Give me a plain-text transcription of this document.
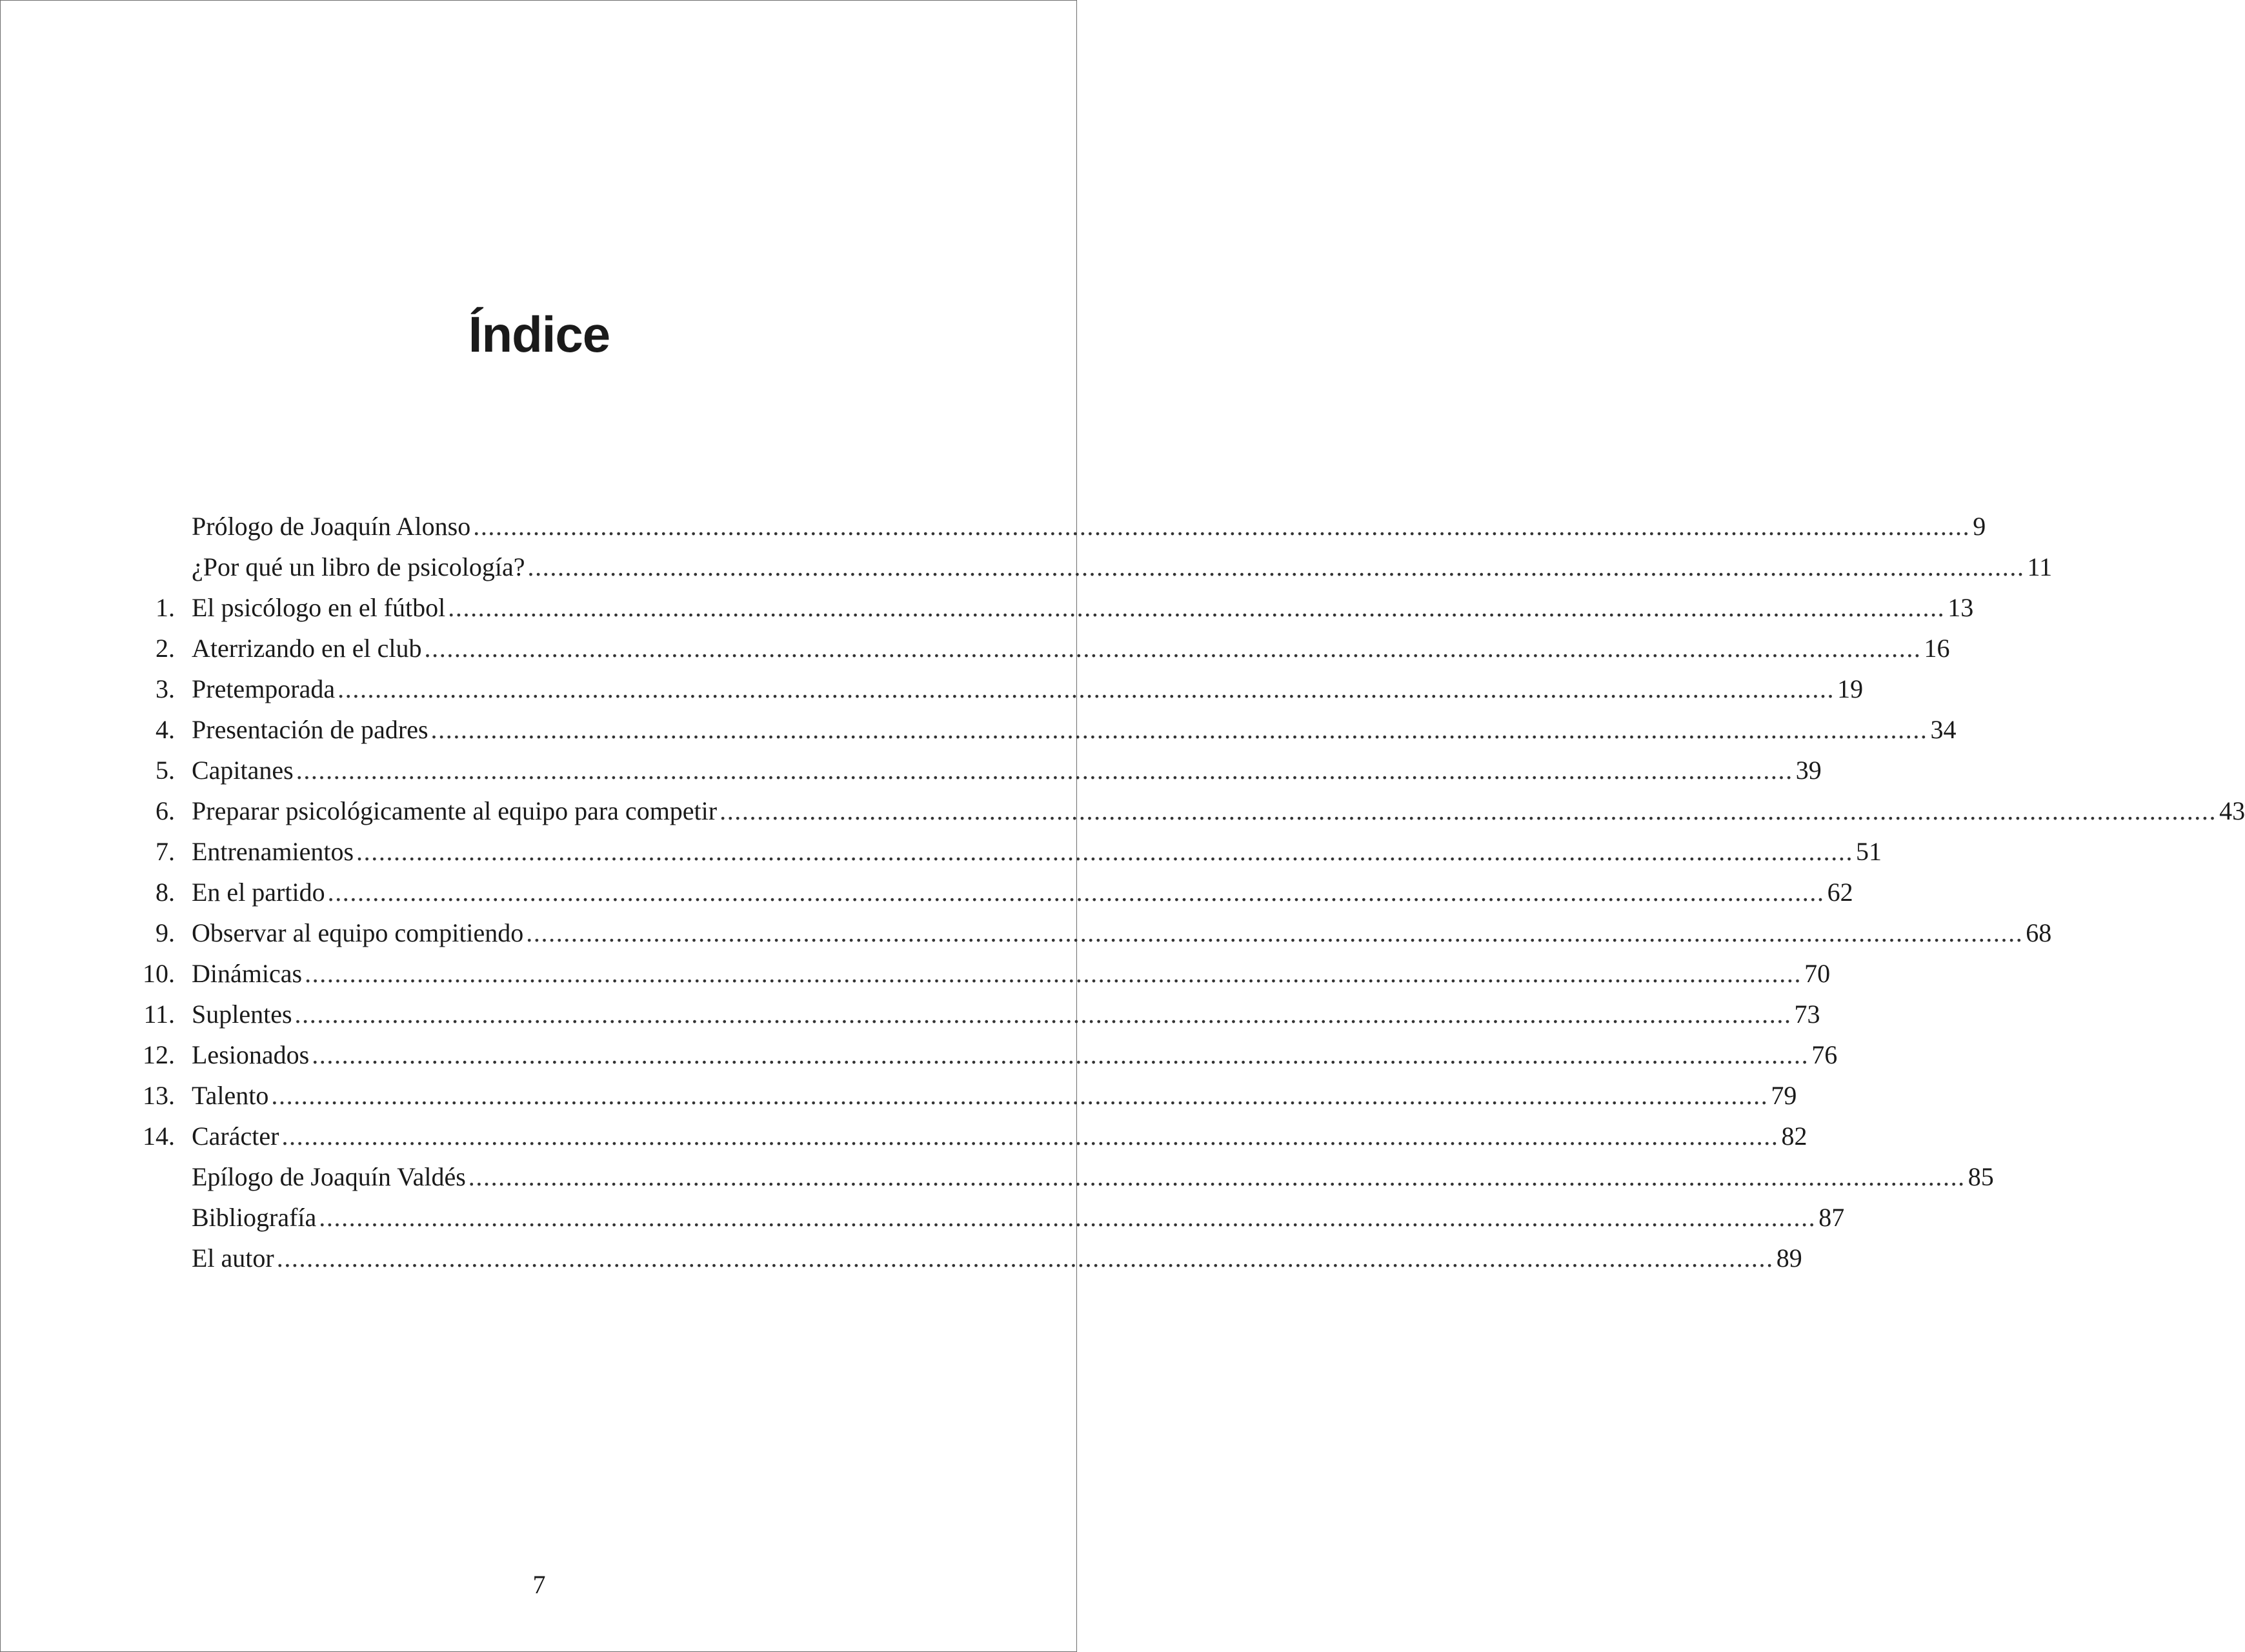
Índice
Prólogo de Joaquín Alonso ........................................................................................................................................................................................................ 9
¿Por qué un libro de psicología? ........................................................................................................................................................................................................ 11
1. El psicólogo en el fútbol ........................................................................................................................................................................................................ 13
2. Aterrizando en el club ........................................................................................................................................................................................................ 16
3. Pretemporada ........................................................................................................................................................................................................ 19
4. Presentación de padres ........................................................................................................................................................................................................ 34
5. Capitanes ........................................................................................................................................................................................................ 39
6. Preparar psicológicamente al equipo para competir ........................................................................................................................................................................................................ 43
7. Entrenamientos ........................................................................................................................................................................................................ 51
8. En el partido ........................................................................................................................................................................................................ 62
9. Observar al equipo compitiendo ........................................................................................................................................................................................................ 68
10. Dinámicas ........................................................................................................................................................................................................ 70
11. Suplentes ........................................................................................................................................................................................................ 73
12. Lesionados ........................................................................................................................................................................................................ 76
13. Talento ........................................................................................................................................................................................................ 79
14. Carácter ........................................................................................................................................................................................................ 82
Epílogo de Joaquín Valdés ........................................................................................................................................................................................................ 85
Bibliografía ........................................................................................................................................................................................................ 87
El autor ........................................................................................................................................................................................................ 89
7
